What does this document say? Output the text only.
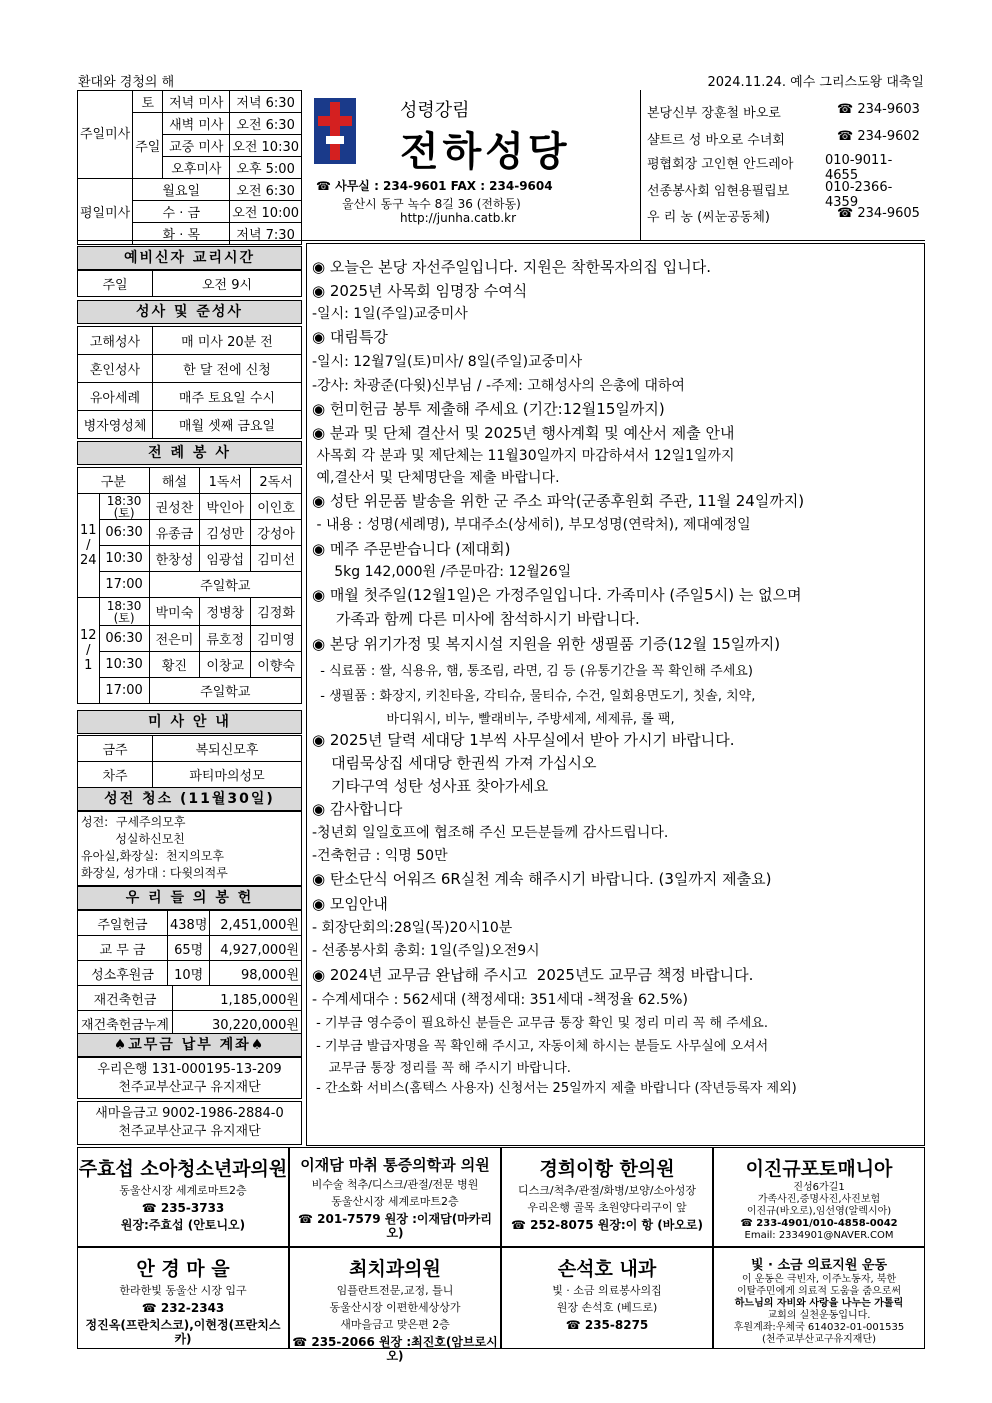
환대와 경청의 해	2024.11.24. 예수 그리스도왕 대축일
주일미사	토	저녁 미사	저녁 6:30
	주일	새벽 미사	오전 6:30
		교중 미사	오전 10:30
		오후미사	오후 5:00
평일미사	월요일		오전 6:30
	수 · 금		오전 10:00
	화 · 목		저녁 7:30
성령강림
전하성당
☎ 사무실 : 234-9601 FAX : 234-9604
울산시 동구 녹수 8길 36 (전하동)
http://junha.catb.kr
본당신부 장훈철 바오로	☎ 234-9603
샬트르 성 바오로 수녀회	☎ 234-9602
평협회장 고인현 안드레아 010-9011-4655
선종봉사회 임현용필립보	010-2366-4359
우 리 농 (씨눈공동체)	☎ 234-9605
예비신자 교리시간
주일	오전 9시
성사 및 준성사
고해성사	매 미사 20분 전
혼인성사	한 달 전에 신청
유아세례	매주 토요일 수시
병자영성체	매월 셋째 금요일
전 례 봉 사
구분		해설	1독서	2독서
11 / 24	18:30 (토)	권성찬	박인아	이인호
	06:30	유종금	김성만	강성아
	10:30	한창성	임광섭	김미선
	17:00	주일학교		
12 / 1	18:30 (토)	박미숙	정병창	김정화
	06:30	전은미	류호정	김미영
	10:30	황진	이창교	이향숙
	17:00	주일학교		
미 사 안 내
금주	복되신모후
차주	파티마의성모
성전 청소 (11월30일)
성전:  구세주의모후
성실하신모친
유아실,화장실:  천지의모후
화장실, 성가대 : 다윗의적루
우 리 들 의 봉 헌
주일헌금	438명	2,451,000원
교 무 금	65명	4,927,000원
성소후원금	10명	98,000원
재건축헌금	1,185,000원
재건축헌금누계	30,220,000원
♠교무금 납부 계좌♠
우리은행 131-000195-13-209
천주교부산교구 유지재단
새마을금고 9002-1986-2884-0
천주교부산교구 유지재단
◉ 오늘은 본당 자선주일입니다. 지원은 착한목자의집 입니다.
◉ 2025년 사목회 임명장 수여식
-일시: 1일(주일)교중미사
◉ 대림특강
-일시: 12월7일(토)미사/ 8일(주일)교중미사
-강사: 차광준(다윗)신부님 / -주제: 고해성사의 은총에 대하여
◉ 헌미헌금 봉투 제출해 주세요 (기간:12월15일까지)
◉ 분과 및 단체 결산서 및 2025년 행사계획 및 예산서 제출 안내
사목회 각 분과 및 제단체는 11월30일까지 마감하셔서 12일1일까지
예,결산서 및 단체명단을 제출 바랍니다.
◉ 성탄 위문품 발송을 위한 군 주소 파악(군종후원회 주관, 11월 24일까지)
- 내용 : 성명(세례명), 부대주소(상세히), 부모성명(연락처), 제대예정일
◉ 메주 주문받습니다 (제대회)
5kg 142,000원 /주문마감: 12월26일
◉ 매월 첫주일(12월1일)은 가정주일입니다. 가족미사 (주일5시) 는 없으며
가족과 함께 다른 미사에 참석하시기 바랍니다.
◉ 본당 위기가정 및 복지시설 지원을 위한 생필품 기증(12월 15일까지)
- 식료품 : 쌀, 식용유, 햄, 통조림, 라면, 김 등 (유통기간을 꼭 확인해 주세요)
- 생필품 : 화장지, 키친타올, 각티슈, 물티슈, 수건, 일회용면도기, 칫솔, 치약,
바디워시, 비누, 빨래비누, 주방세제, 세제류, 롤 팩,
◉ 2025년 달력 세대당 1부씩 사무실에서 받아 가시기 바랍니다.
대림묵상집 세대당 한권씩 가져 가십시오
기타구역 성탄 성사표 찾아가세요
◉ 감사합니다
-청년회 일일호프에 협조해 주신 모든분들께 감사드립니다.
-건축헌금 : 익명 50만
◉ 탄소단식 어워즈 6R실천 계속 해주시기 바랍니다. (3일까지 제출요)
◉ 모임안내
- 회장단회의:28일(목)20시10분
- 선종봉사회 총회: 1일(주일)오전9시
◉ 2024년 교무금 완납해 주시고  2025년도 교무금 책정 바랍니다.
- 수계세대수 : 562세대 (책정세대: 351세대 -책정율 62.5%)
- 기부금 영수증이 필요하신 분들은 교무금 통장 확인 및 정리 미리 꼭 해 주세요.
- 기부금 발급자명을 꼭 확인해 주시고, 자동이체 하시는 분들도 사무실에 오셔서
교무금 통장 정리를 꼭 해 주시기 바랍니다.
- 간소화 서비스(홈텍스 사용자) 신청서는 25일까지 제출 바랍니다 (작년등록자 제외)
주효섭 소아청소년과의원
동울산시장 세계로마트2층
☎ 235-3733
원장:주효섭 (안토니오)
이재담 마취 통증의학과 의원
비수술 척추/디스크/관절/전문 병원
동울산시장 세계로마트2층
☎ 201-7579 원장 :이재담(마카리오)
경희이항 한의원
디스크/척추/관절/화병/보양/소아성장
우리은행 골목 초원양다리구이 앞
☎ 252-8075 원장:이 항 (바오로)
이진규포토매니아
진성6가길1
가족사진,증명사진,사진보험
이진규(바오로),임선영(알렉시아)
☎ 233-4901/010-4858-0042
Email: 2334901@NAVER.COM
안 경 마 을
한라한빛 동울산 시장 입구
☎ 232-2343
정진옥(프란치스코),이현정(프란치스카)
최치과의원
임플란트전문,교정, 틀니
동울산시장 이편한세상상가
새마을금고 맞은편 2층
☎ 235-2066 원장 :최진호(암브로시오)
손석호 내과
빛 · 소금 의료봉사의집
원장 손석호 (베드로)
☎ 235-8275
빛 · 소금 의료지원 운동
이 운동은 극빈자, 이주노동자, 북한
이탈주민에게 의료적 도움을 줌으로써
하느님의 자비와 사랑을 나누는 가톨릭
교회의 실천운동입니다.
후원계좌:우체국 614032-01-001535
(천주교부산교구유지재단)
